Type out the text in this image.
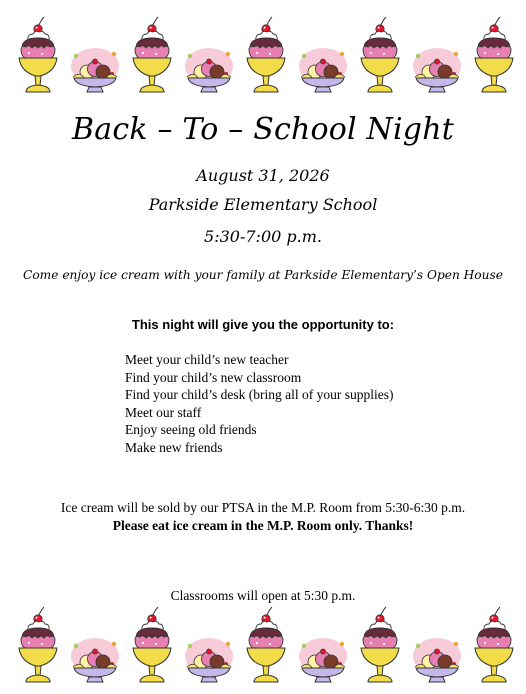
Back – To – School Night
August 31, 2026
Parkside Elementary School
5:30-7:00 p.m.
Come enjoy ice cream with your family at Parkside Elementary’s Open House
This night will give you the opportunity to:
Meet your child’s new teacher
Find your child’s new classroom
Find your child’s desk (bring all of your supplies)
Meet our staff
Enjoy seeing old friends
Make new friends
Ice cream will be sold by our PTSA in the M.P. Room from 5:30-6:30 p.m.
Please eat ice cream in the M.P. Room only. Thanks!
Classrooms will open at 5:30 p.m.
